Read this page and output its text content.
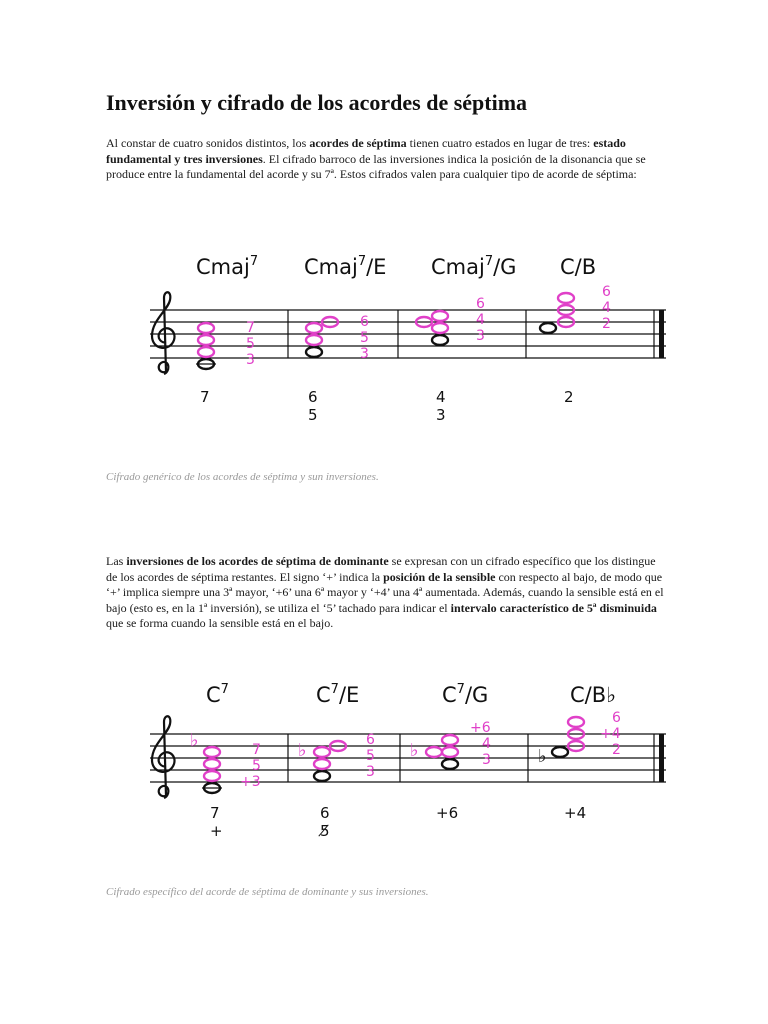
Inversión y cifrado de los acordes de séptima

Al constar de cuatro sonidos distintos, los acordes de séptima tienen cuatro estados en lugar de tres: estado fundamental y tres inversiones. El cifrado barroco de las inversiones indica la posición de la disonancia que se produce entre la fundamental del acorde y su 7ª. Estos cifrados valen para cualquier tipo de acorde de séptima:

Cmaj$^7$ Cmaj$^7$/E Cmaj$^7$/G C/B
7
5
3
6
5
3
6
4
3
6
4
2
7	6
5
4
3
2

Cifrado genérico de los acordes de séptima y sun inversiones.

Las inversiones de los acordes de séptima de dominante se expresan con un cifrado específico que los distingue de los acordes de séptima restantes. El signo ‘+’ indica la posición de la sensible con respecto al bajo, de modo que ‘+’ implica siempre una 3ª mayor, ‘+6’ una 6ª mayor y ‘+4’ una 4ª aumentada. Además, cuando la sensible está en el bajo (esto es, en la 1ª inversión), se utiliza el ‘5’ tachado para indicar el intervalo característico de 5ª disminuida que se forma cuando la sensible está en el bajo.

$C^7$	$C^7/E$	$C^7/G$	C/B♭
♭	♭	♭	♭
7
5
+3
6
5
3
+6
4
3
6
+4
2
7
+
6
5̸
+6	+4

Cifrado específico del acorde de séptima de dominante y sus inversiones.
